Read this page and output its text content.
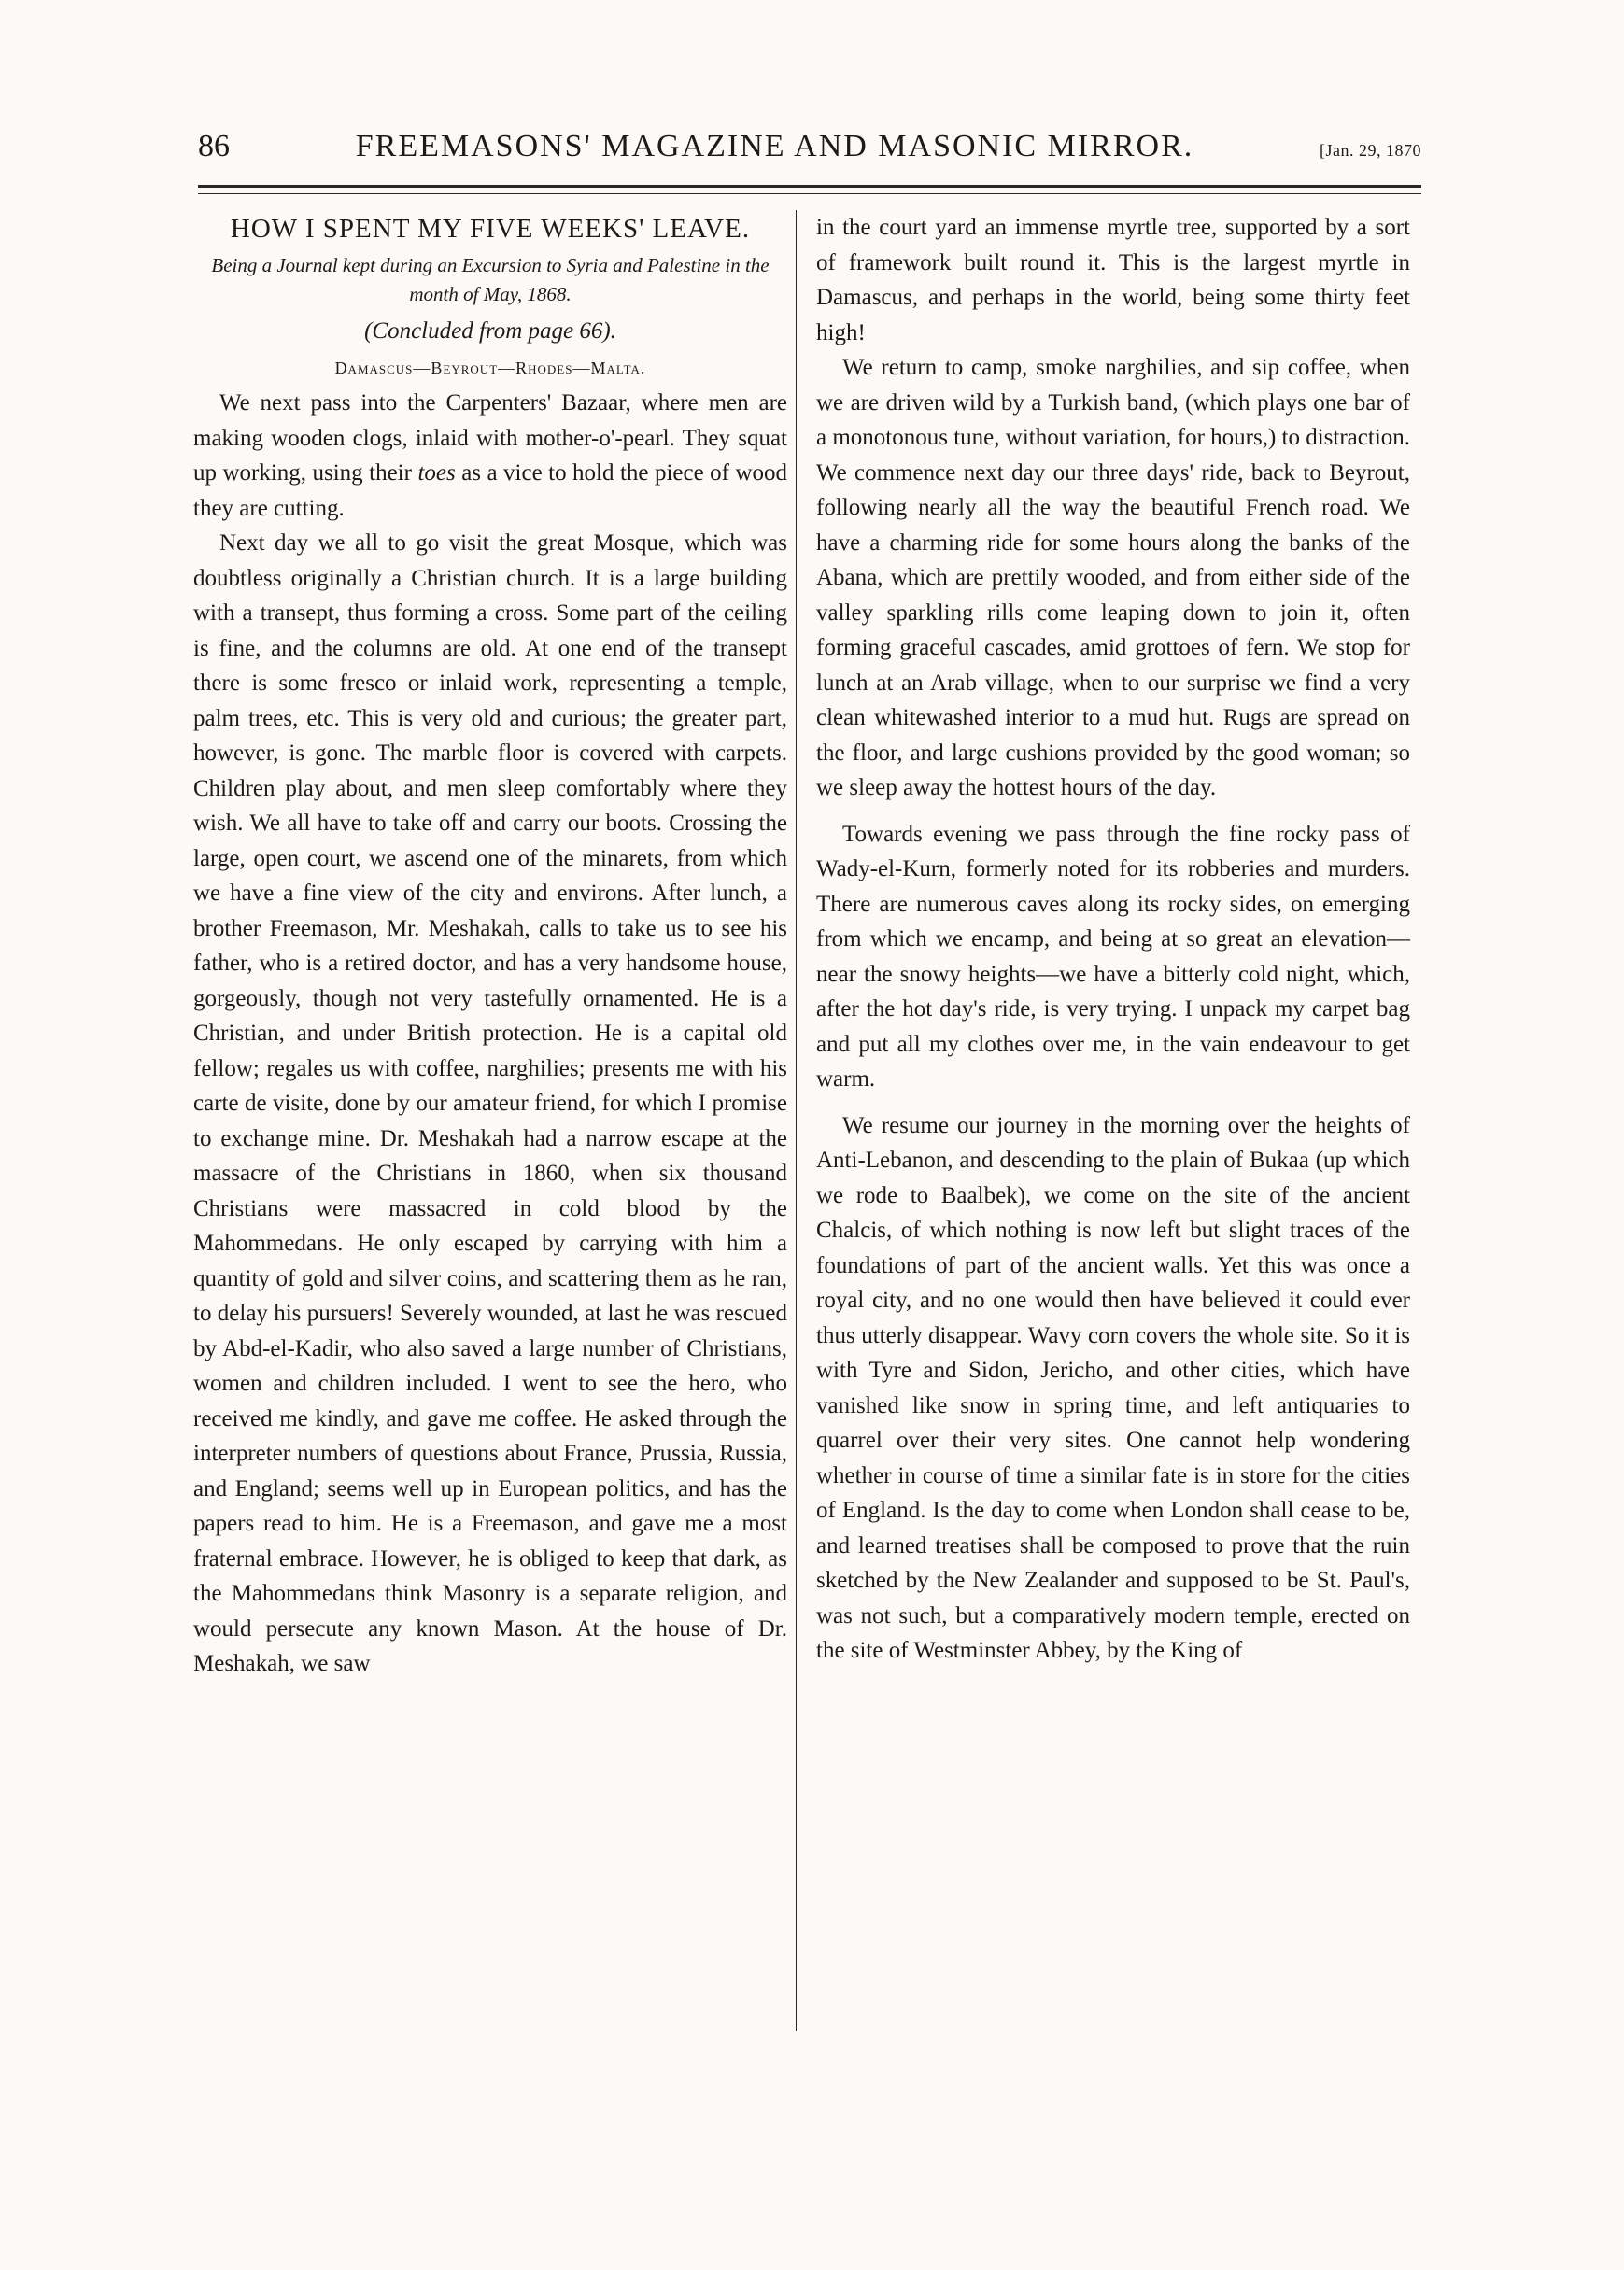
86	FREEMASONS' MAGAZINE AND MASONIC MIRROR.	[Jan. 29, 1870
HOW I SPENT MY FIVE WEEKS' LEAVE.
Being a Journal kept during an Excursion to Syria and Palestine in the month of May, 1868.
(Concluded from page 66).
Damascus—Beyrout—Rhodes—Malta.

We next pass into the Carpenters' Bazaar, where men are making wooden clogs, inlaid with mother-o'-pearl. They squat up working, using their toes as a vice to hold the piece of wood they are cutting.

Next day we all to go visit the great Mosque, which was doubtless originally a Christian church. It is a large building with a transept, thus forming a cross. Some part of the ceiling is fine, and the columns are old. At one end of the transept there is some fresco or inlaid work, representing a temple, palm trees, etc. This is very old and curious; the greater part, however, is gone. The marble floor is covered with carpets. Children play about, and men sleep comfortably where they wish. We all have to take off and carry our boots. Crossing the large, open court, we ascend one of the minarets, from which we have a fine view of the city and environs. After lunch, a brother Freemason, Mr. Meshakah, calls to take us to see his father, who is a retired doctor, and has a very handsome house, gorgeously, though not very tastefully ornamented. He is a Christian, and under British protection. He is a capital old fellow; regales us with coffee, narghilies; presents me with his carte de visite, done by our amateur friend, for which I promise to exchange mine. Dr. Meshakah had a narrow escape at the massacre of the Christians in 1860, when six thousand Christians were massacred in cold blood by the Mahommedans. He only escaped by carrying with him a quantity of gold and silver coins, and scattering them as he ran, to delay his pursuers! Severely wounded, at last he was rescued by Abd-el-Kadir, who also saved a large number of Christians, women and children included. I went to see the hero, who received me kindly, and gave me coffee. He asked through the interpreter numbers of questions about France, Prussia, Russia, and England; seems well up in European politics, and has the papers read to him. He is a Freemason, and gave me a most fraternal embrace. However, he is obliged to keep that dark, as the Mahommedans think Masonry is a separate religion, and would persecute any known Mason. At the house of Dr. Meshakah, we saw

in the court yard an immense myrtle tree, supported by a sort of framework built round it. This is the largest myrtle in Damascus, and perhaps in the world, being some thirty feet high!

We return to camp, smoke narghilies, and sip coffee, when we are driven wild by a Turkish band, (which plays one bar of a monotonous tune, without variation, for hours,) to distraction. We commence next day our three days' ride, back to Beyrout, following nearly all the way the beautiful French road. We have a charming ride for some hours along the banks of the Abana, which are prettily wooded, and from either side of the valley sparkling rills come leaping down to join it, often forming graceful cascades, amid grottoes of fern. We stop for lunch at an Arab village, when to our surprise we find a very clean whitewashed interior to a mud hut. Rugs are spread on the floor, and large cushions provided by the good woman; so we sleep away the hottest hours of the day.

Towards evening we pass through the fine rocky pass of Wady-el-Kurn, formerly noted for its robberies and murders. There are numerous caves along its rocky sides, on emerging from which we encamp, and being at so great an elevation—near the snowy heights—we have a bitterly cold night, which, after the hot day's ride, is very trying. I unpack my carpet bag and put all my clothes over me, in the vain endeavour to get warm.

We resume our journey in the morning over the heights of Anti-Lebanon, and descending to the plain of Bukaa (up which we rode to Baalbek), we come on the site of the ancient Chalcis, of which nothing is now left but slight traces of the foundations of part of the ancient walls. Yet this was once a royal city, and no one would then have believed it could ever thus utterly disappear. Wavy corn covers the whole site. So it is with Tyre and Sidon, Jericho, and other cities, which have vanished like snow in spring time, and left antiquaries to quarrel over their very sites. One cannot help wondering whether in course of time a similar fate is in store for the cities of England. Is the day to come when London shall cease to be, and learned treatises shall be composed to prove that the ruin sketched by the New Zealander and supposed to be St. Paul's, was not such, but a comparatively modern temple, erected on the site of Westminster Abbey, by the King of
